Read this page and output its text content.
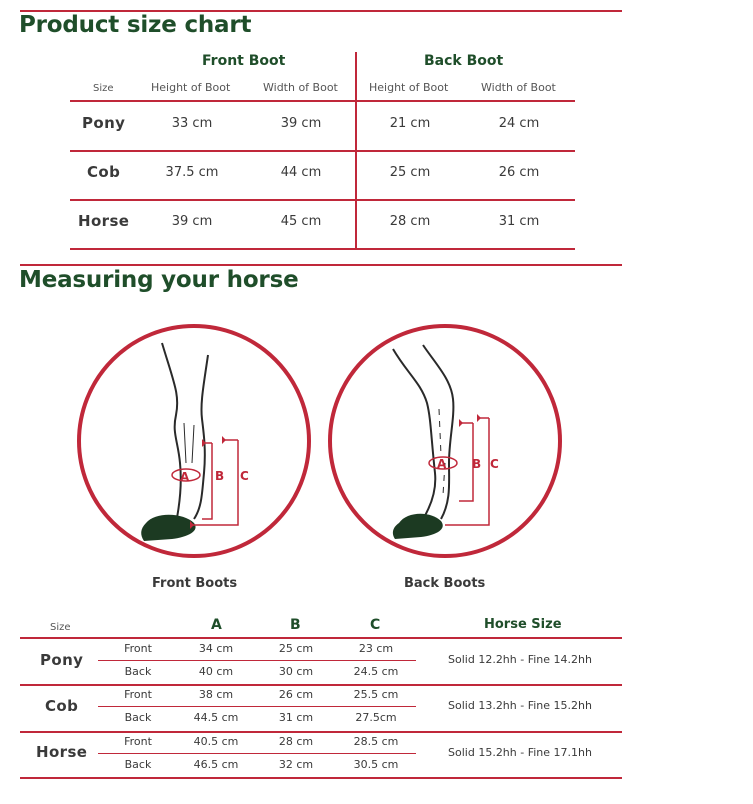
Product size chart
Front Boot	Back Boot
Size	Height of Boot	Width of Boot	Height of Boot	Width of Boot
Pony	33 cm	39 cm	21 cm	24 cm
Cob	37.5 cm	44 cm	25 cm	26 cm
Horse	39 cm	45 cm	28 cm	31 cm
Measuring your horse
A B C
A B C
Front Boots	Back Boots
Size	A	B	C	Horse Size
Pony
Front	34 cm	25 cm	23 cm
Back	40 cm	30 cm	24.5 cm
Solid 12.2hh - Fine 14.2hh
Cob
Front	38 cm	26 cm	25.5 cm
Back	44.5 cm	31 cm	27.5cm
Solid 13.2hh - Fine 15.2hh
Horse
Front	40.5 cm	28 cm	28.5 cm
Back	46.5 cm	32 cm	30.5 cm
Solid 15.2hh - Fine 17.1hh
